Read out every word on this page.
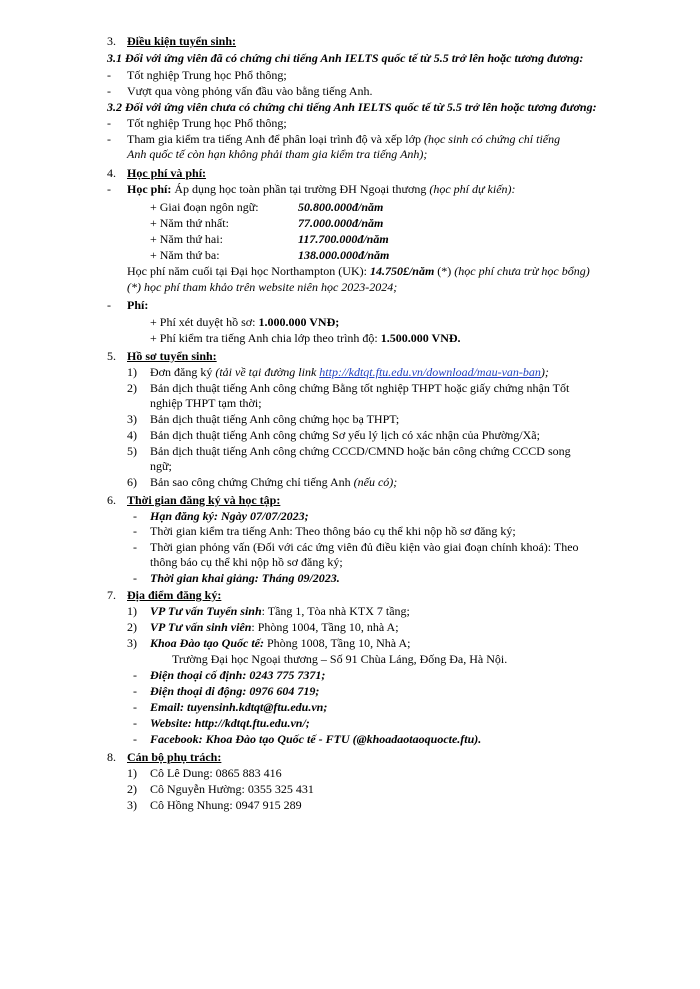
3. Điều kiện tuyển sinh:
3.1 Đối với ứng viên đã có chứng chỉ tiếng Anh IELTS quốc tế từ 5.5 trở lên hoặc tương đương:
- Tốt nghiệp Trung học Phổ thông;
- Vượt qua vòng phỏng vấn đầu vào bằng tiếng Anh.
3.2 Đối với ứng viên chưa có chứng chỉ tiếng Anh IELTS quốc tế từ 5.5 trở lên hoặc tương đương:
- Tốt nghiệp Trung học Phổ thông;
- Tham gia kiểm tra tiếng Anh để phân loại trình độ và xếp lớp (học sinh có chứng chỉ tiếng
Anh quốc tế còn hạn không phải tham gia kiểm tra tiếng Anh);
4. Học phí và phí:
- Học phí: Áp dụng học toàn phần tại trường ĐH Ngoại thương (học phí dự kiến):
+ Giai đoạn ngôn ngữ:	50.800.000đ/năm
+ Năm thứ nhất:	77.000.000đ/năm
+ Năm thứ hai:	117.700.000đ/năm
+ Năm thứ ba:	138.000.000đ/năm
Học phí năm cuối tại Đại học Northampton (UK): 14.750£/năm (*) (học phí chưa trừ học bổng)
(*) học phí tham khảo trên website niên học 2023-2024;
- Phí:
+ Phí xét duyệt hồ sơ: 1.000.000 VNĐ;
+ Phí kiểm tra tiếng Anh chia lớp theo trình độ: 1.500.000 VNĐ.
5. Hồ sơ tuyển sinh:
1) Đơn đăng ký (tải về tại đường link http://kdtqt.ftu.edu.vn/download/mau-van-ban);
2) Bản dịch thuật tiếng Anh công chứng Bằng tốt nghiệp THPT hoặc giấy chứng nhận Tốt
nghiệp THPT tạm thời;
3) Bản dịch thuật tiếng Anh công chứng học bạ THPT;
4) Bản dịch thuật tiếng Anh công chứng Sơ yếu lý lịch có xác nhận của Phường/Xã;
5) Bản dịch thuật tiếng Anh công chứng CCCD/CMND hoặc bản công chứng CCCD song
ngữ;
6) Bản sao công chứng Chứng chỉ tiếng Anh (nếu có);
6. Thời gian đăng ký và học tập:
- Hạn đăng ký: Ngày 07/07/2023;
- Thời gian kiểm tra tiếng Anh: Theo thông báo cụ thể khi nộp hồ sơ đăng ký;
- Thời gian phỏng vấn (Đối với các ứng viên đủ điều kiện vào giai đoạn chính khoá): Theo
thông báo cụ thể khi nộp hồ sơ đăng ký;
- Thời gian khai giảng: Tháng 09/2023.
7. Địa điểm đăng ký:
1) VP Tư vấn Tuyển sinh: Tầng 1, Tòa nhà KTX 7 tầng;
2) VP Tư vấn sinh viên: Phòng 1004, Tầng 10, nhà A;
3) Khoa Đào tạo Quốc tế: Phòng 1008, Tầng 10, Nhà A;
Trường Đại học Ngoại thương – Số 91 Chùa Láng, Đống Đa, Hà Nội.
- Điện thoại cố định: 0243 775 7371;
- Điện thoại di động: 0976 604 719;
- Email: tuyensinh.kdtqt@ftu.edu.vn;
- Website: http://kdtqt.ftu.edu.vn/;
- Facebook: Khoa Đào tạo Quốc tế - FTU (@khoadaotaoquocte.ftu).
8. Cán bộ phụ trách:
1) Cô Lê Dung: 0865 883 416
2) Cô Nguyễn Hường: 0355 325 431
3) Cô Hồng Nhung: 0947 915 289
